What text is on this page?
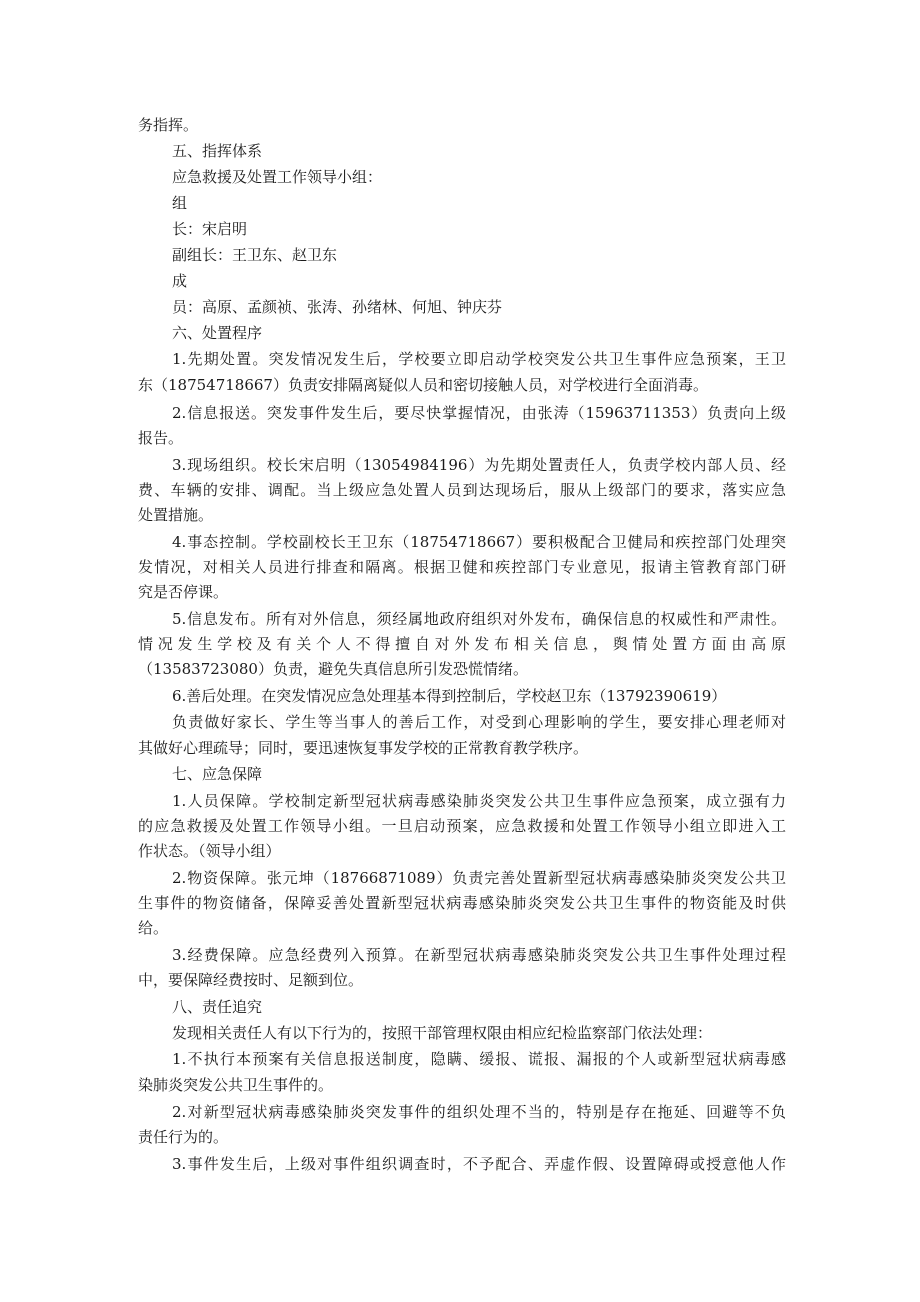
务指挥。
五、指挥体系
应急救援及处置工作领导小组：
组
长：宋启明
副组长：王卫东、赵卫东
成
员：高原、孟颜祯、张涛、孙绪林、何旭、钟庆芬
六、处置程序
1.先期处置。突发情况发生后，学校要立即启动学校突发公共卫生事件应急预案，王卫
东（18754718667）负责安排隔离疑似人员和密切接触人员，对学校进行全面消毒。
2.信息报送。突发事件发生后，要尽快掌握情况，由张涛（15963711353）负责向上级
报告。
3.现场组织。校长宋启明（13054984196）为先期处置责任人，负责学校内部人员、经
费、车辆的安排、调配。当上级应急处置人员到达现场后，服从上级部门的要求，落实应急
处置措施。
4.事态控制。学校副校长王卫东（18754718667）要积极配合卫健局和疾控部门处理突
发情况，对相关人员进行排查和隔离。根据卫健和疾控部门专业意见，报请主管教育部门研
究是否停课。
5.信息发布。所有对外信息，须经属地政府组织对外发布，确保信息的权威性和严肃性。
情况发生学校及有关个人不得擅自对外发布相关信息，舆情处置方面由高原
（13583723080）负责，避免失真信息所引发恐慌情绪。
6.善后处理。在突发情况应急处理基本得到控制后，学校赵卫东（13792390619）
负责做好家长、学生等当事人的善后工作，对受到心理影响的学生，要安排心理老师对
其做好心理疏导；同时，要迅速恢复事发学校的正常教育教学秩序。
七、应急保障
1.人员保障。学校制定新型冠状病毒感染肺炎突发公共卫生事件应急预案，成立强有力
的应急救援及处置工作领导小组。一旦启动预案，应急救援和处置工作领导小组立即进入工
作状态。（领导小组）
2.物资保障。张元坤（18766871089）负责完善处置新型冠状病毒感染肺炎突发公共卫
生事件的物资储备，保障妥善处置新型冠状病毒感染肺炎突发公共卫生事件的物资能及时供
给。
3.经费保障。应急经费列入预算。在新型冠状病毒感染肺炎突发公共卫生事件处理过程
中，要保障经费按时、足额到位。
八、责任追究
发现相关责任人有以下行为的，按照干部管理权限由相应纪检监察部门依法处理：
1.不执行本预案有关信息报送制度，隐瞒、缓报、谎报、漏报的个人或新型冠状病毒感
染肺炎突发公共卫生事件的。
2.对新型冠状病毒感染肺炎突发事件的组织处理不当的，特别是存在拖延、回避等不负
责任行为的。
3.事件发生后，上级对事件组织调查时，不予配合、弄虚作假、设置障碍或授意他人作
